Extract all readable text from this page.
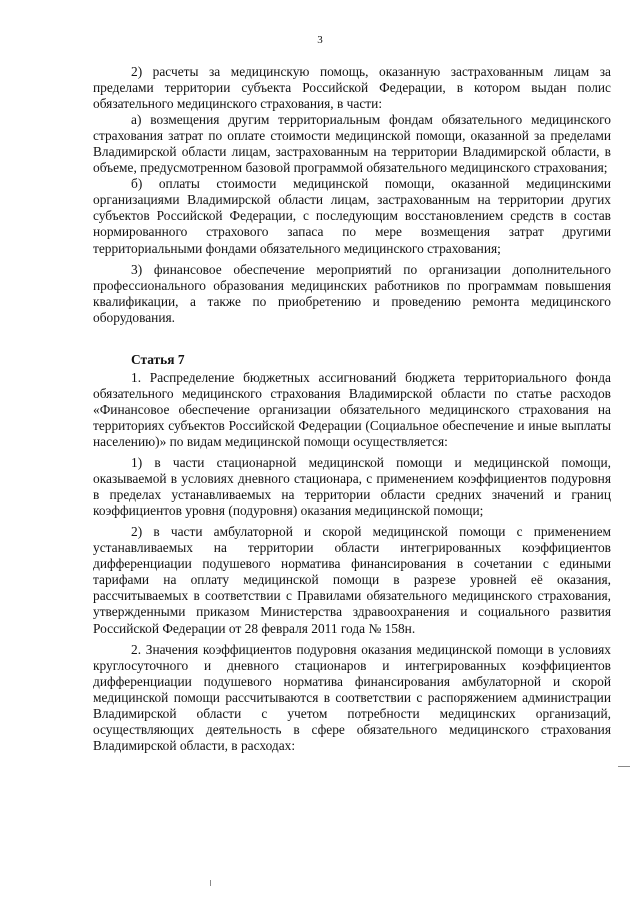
3

2) расчеты за медицинскую помощь, оказанную застрахованным лицам за пределами территории субъекта Российской Федерации, в котором выдан полис обязательного медицинского страхования, в части:

а) возмещения другим территориальным фондам обязательного медицинского страхования затрат по оплате стоимости медицинской помощи, оказанной за пределами Владимирской области лицам, застрахованным на территории Владимирской области, в объеме, предусмотренном базовой программой обязательного медицинского страхования;

б) оплаты стоимости медицинской помощи, оказанной медицинскими организациями Владимирской области лицам, застрахованным на территории других субъектов Российской Федерации, с последующим восстановлением средств в состав нормированного страхового запаса по мере возмещения затрат другими территориальными фондами обязательного медицинского страхования;

3) финансовое обеспечение мероприятий по организации дополнительного профессионального образования медицинских работников по программам повышения квалификации, а также по приобретению и проведению ремонта медицинского оборудования.

Статья 7

1. Распределение бюджетных ассигнований бюджета территориального фонда обязательного медицинского страхования Владимирской области по статье расходов «Финансовое обеспечение организации обязательного медицинского страхования на территориях субъектов Российской Федерации (Социальное обеспечение и иные выплаты населению)» по видам медицинской помощи осуществляется:

1) в части стационарной медицинской помощи и медицинской помощи, оказываемой в условиях дневного стационара, с применением коэффициентов подуровня в пределах устанавливаемых на территории области средних значений и границ коэффициентов уровня (подуровня) оказания медицинской помощи;

2) в части амбулаторной и скорой медицинской помощи с применением устанавливаемых на территории области интегрированных коэффициентов дифференциации подушевого норматива финансирования в сочетании с едиными тарифами на оплату медицинской помощи в разрезе уровней её оказания, рассчитываемых в соответствии с Правилами обязательного медицинского страхования, утвержденными приказом Министерства здравоохранения и социального развития Российской Федерации от 28 февраля 2011 года № 158н.

2. Значения коэффициентов подуровня оказания медицинской помощи в условиях круглосуточного и дневного стационаров и интегрированных коэффициентов дифференциации подушевого норматива финансирования амбулаторной и скорой медицинской помощи рассчитываются в соответствии с распоряжением администрации Владимирской области с учетом потребности медицинских организаций, осуществляющих деятельность в сфере обязательного медицинского страхования Владимирской области, в расходах:
